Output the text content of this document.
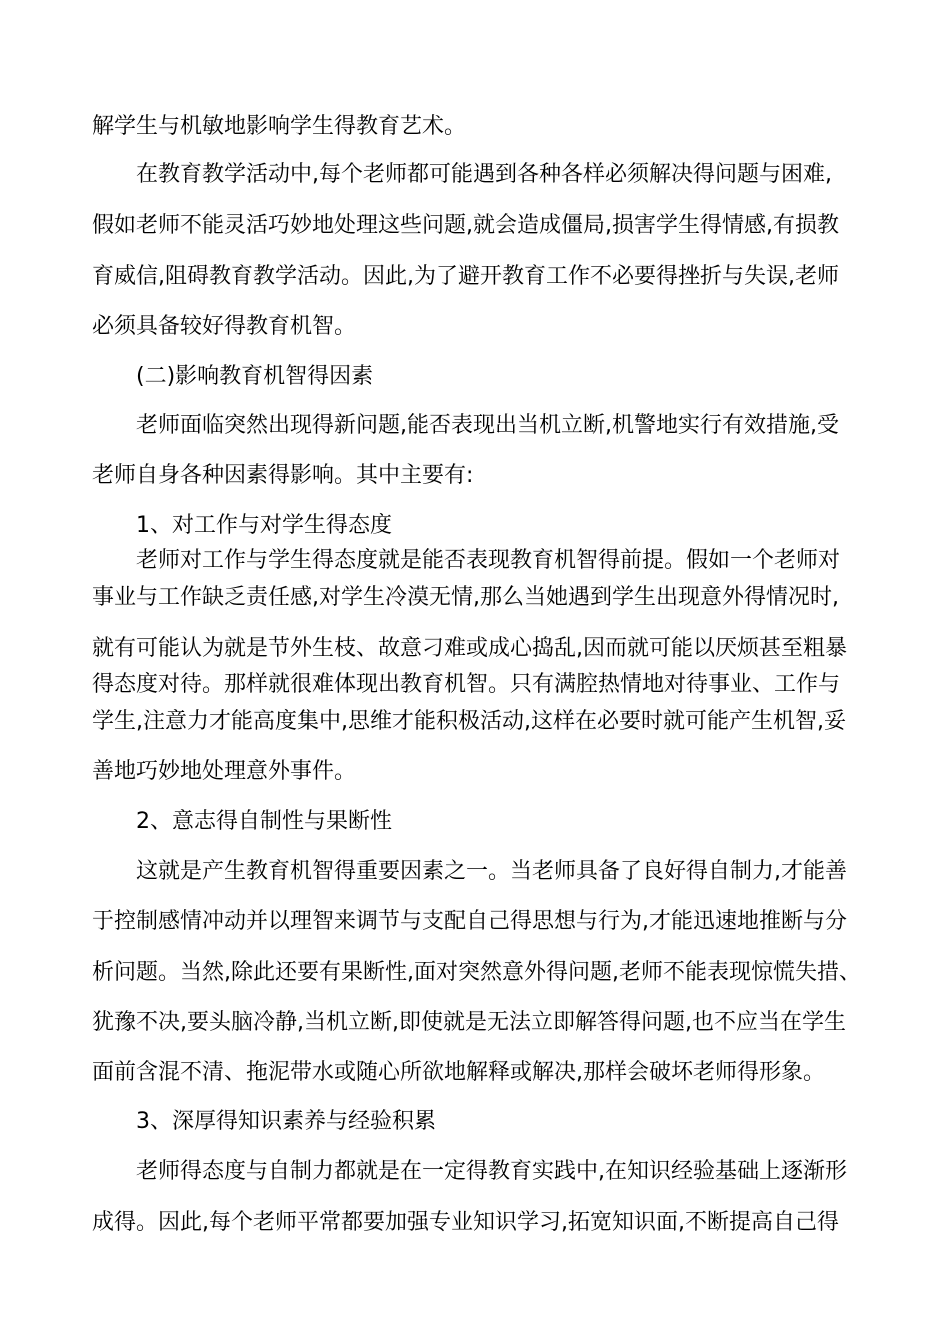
解学生与机敏地影响学生得教育艺术。

在教育教学活动中,每个老师都可能遇到各种各样必须解决得问题与困难,

假如老师不能灵活巧妙地处理这些问题,就会造成僵局,损害学生得情感,有损教

育威信,阻碍教育教学活动。因此,为了避开教育工作不必要得挫折与失误,老师

必须具备较好得教育机智。

(二)影响教育机智得因素

老师面临突然出现得新问题,能否表现出当机立断,机警地实行有效措施,受

老师自身各种因素得影响。其中主要有:

1、对工作与对学生得态度

老师对工作与学生得态度就是能否表现教育机智得前提。假如一个老师对

事业与工作缺乏责任感,对学生冷漠无情,那么当她遇到学生出现意外得情况时,

就有可能认为就是节外生枝、故意刁难或成心捣乱,因而就可能以厌烦甚至粗暴

得态度对待。那样就很难体现出教育机智。只有满腔热情地对待事业、工作与

学生,注意力才能高度集中,思维才能积极活动,这样在必要时就可能产生机智,妥

善地巧妙地处理意外事件。

2、意志得自制性与果断性

这就是产生教育机智得重要因素之一。当老师具备了良好得自制力,才能善

于控制感情冲动并以理智来调节与支配自己得思想与行为,才能迅速地推断与分

析问题。当然,除此还要有果断性,面对突然意外得问题,老师不能表现惊慌失措、

犹豫不决,要头脑冷静,当机立断,即使就是无法立即解答得问题,也不应当在学生

面前含混不清、拖泥带水或随心所欲地解释或解决,那样会破坏老师得形象。

3、深厚得知识素养与经验积累

老师得态度与自制力都就是在一定得教育实践中,在知识经验基础上逐渐形

成得。因此,每个老师平常都要加强专业知识学习,拓宽知识面,不断提高自己得
